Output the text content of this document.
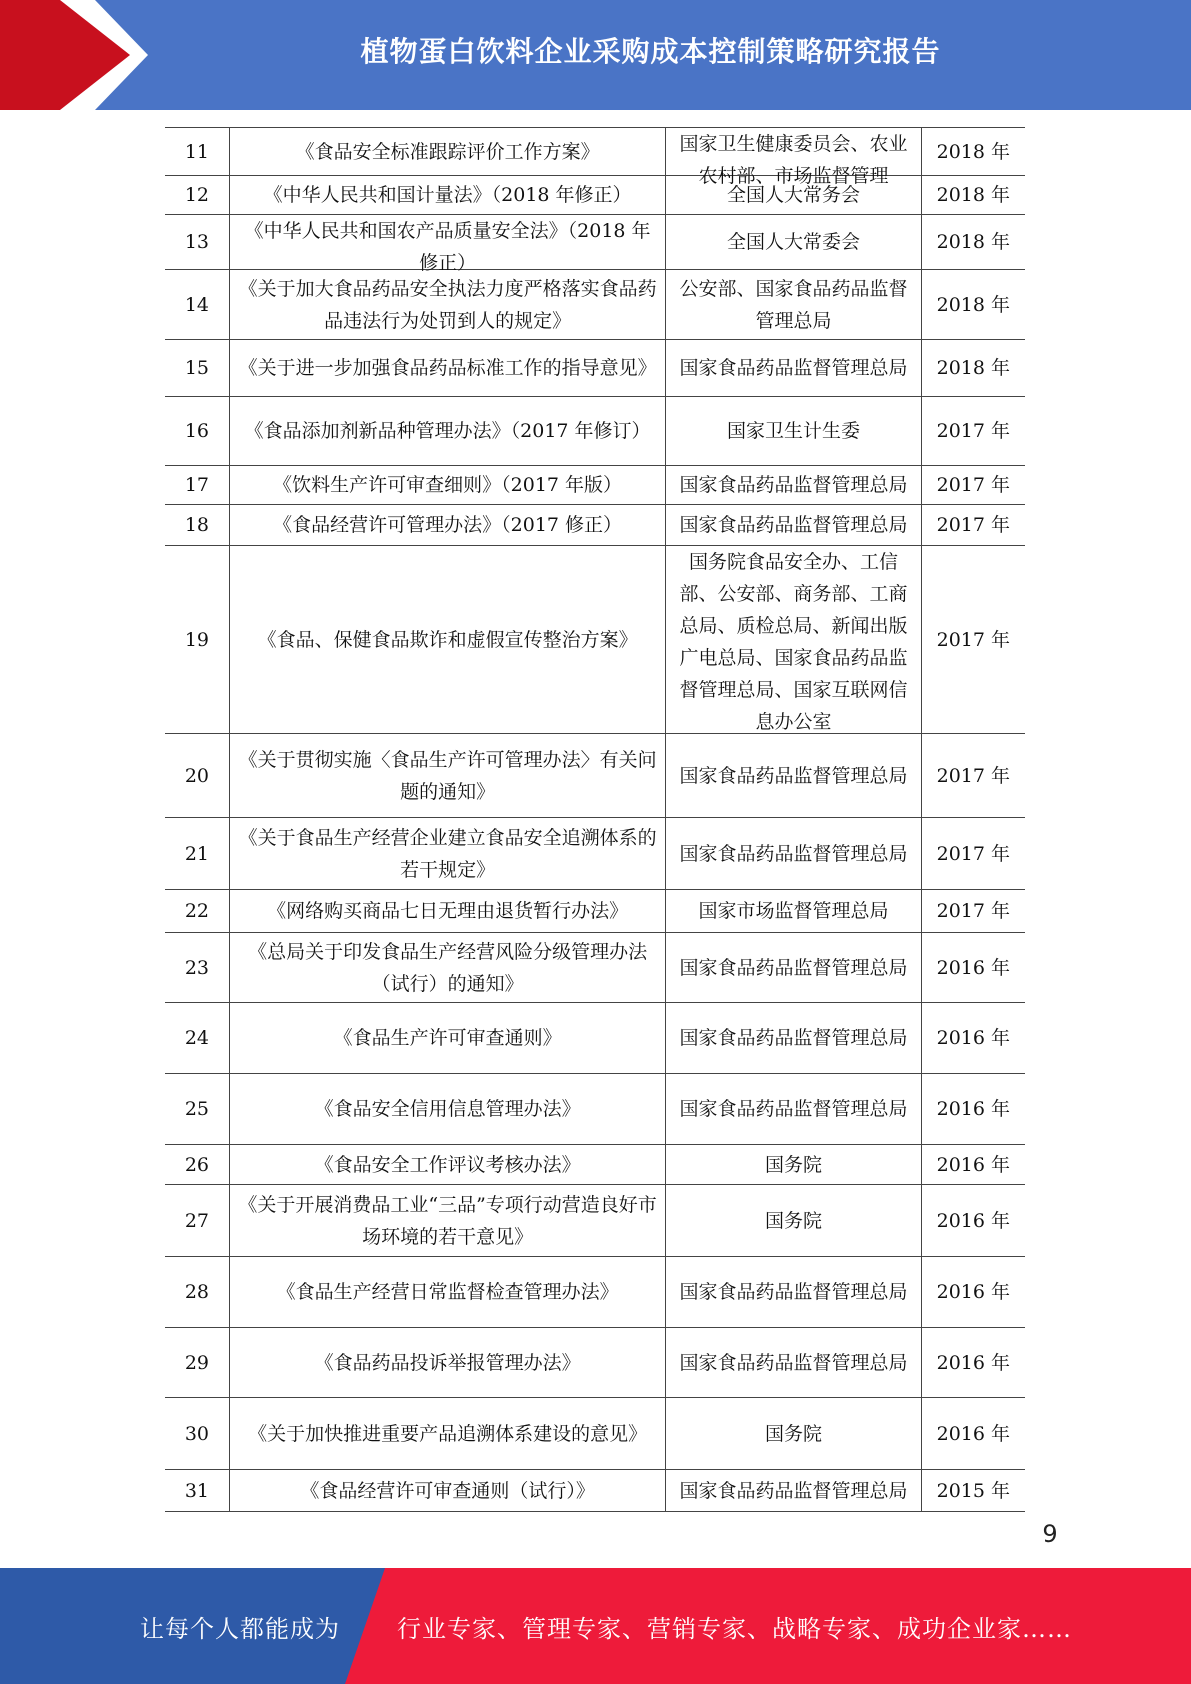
植物蛋白饮料企业采购成本控制策略研究报告
11	《食品安全标准跟踪评价工作方案》	国家卫生健康委员会、农业农村部、市场监督管理	2018 年

12	《中华人民共和国计量法》（2018 年修正）	全国人大常务会	2018 年

13	《中华人民共和国农产品质量安全法》（2018 年修正）	全国人大常委会	2018 年

14	《关于加大食品药品安全执法力度严格落实食品药品违法行为处罚到人的规定》	公安部、国家食品药品监督管理总局	2018 年

15	《关于进一步加强食品药品标准工作的指导意见》	国家食品药品监督管理总局	2018 年

16	《食品添加剂新品种管理办法》（2017 年修订）	国家卫生计生委	2017 年

17	《饮料生产许可审查细则》（2017 年版）	国家食品药品监督管理总局	2017 年

18	《食品经营许可管理办法》（2017 修正）	国家食品药品监督管理总局	2017 年

19	《食品、保健食品欺诈和虚假宣传整治方案》	国务院食品安全办、工信部、公安部、商务部、工商总局、质检总局、新闻出版广电总局、国家食品药品监督管理总局、国家互联网信息办公室	2017 年

20	《关于贯彻实施〈食品生产许可管理办法〉有关问题的通知》	国家食品药品监督管理总局	2017 年

21	《关于食品生产经营企业建立食品安全追溯体系的若干规定》	国家食品药品监督管理总局	2017 年

22	《网络购买商品七日无理由退货暂行办法》	国家市场监督管理总局	2017 年

23	《总局关于印发食品生产经营风险分级管理办法（试行）的通知》	国家食品药品监督管理总局	2016 年

24	《食品生产许可审查通则》	国家食品药品监督管理总局	2016 年

25	《食品安全信用信息管理办法》	国家食品药品监督管理总局	2016 年

26	《食品安全工作评议考核办法》	国务院	2016 年

27	《关于开展消费品工业“三品”专项行动营造良好市场环境的若干意见》	国务院	2016 年

28	《食品生产经营日常监督检查管理办法》	国家食品药品监督管理总局	2016 年

29	《食品药品投诉举报管理办法》	国家食品药品监督管理总局	2016 年

30	《关于加快推进重要产品追溯体系建设的意见》	国务院	2016 年

31	《食品经营许可审查通则（试行）》	国家食品药品监督管理总局	2015 年
9
让每个人都能成为 行业专家、管理专家、营销专家、战略专家、成功企业家……
